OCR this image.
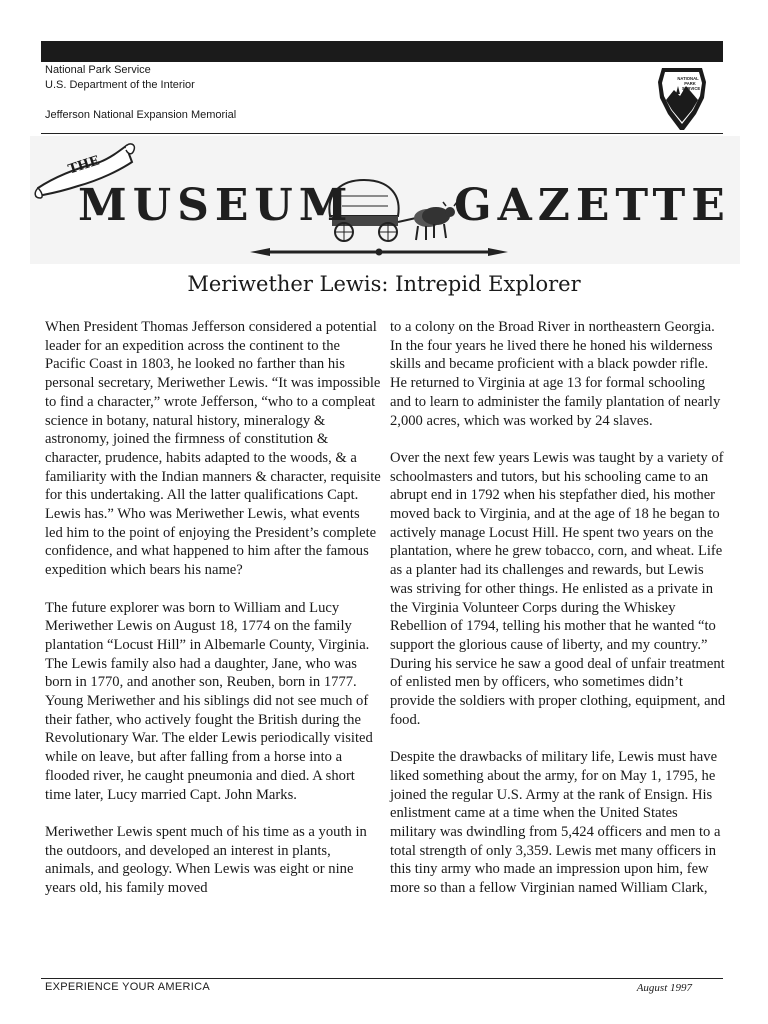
National Park Service
U.S. Department of the Interior
Jefferson National Expansion Memorial
NATIONAL
PARK
SERVICE
THE
MUSEUM GAZETTE
Meriwether Lewis: Intrepid Explorer

When President Thomas Jefferson considered a potential leader for an expedition across the continent to the Pacific Coast in 1803, he looked no farther than his personal secretary, Meriwether Lewis. “It was impossible to find a character,” wrote Jefferson, “who to a compleat science in botany, natural history, mineralogy & astronomy, joined the firmness of constitution & character, prudence, habits adapted to the woods, & a familiarity with the Indian manners & character, requisite for this undertaking. All the latter qualifications Capt. Lewis has.” Who was Meriwether Lewis, what events led him to the point of enjoying the President’s complete confidence, and what happened to him after the famous expedition which bears his name?

The future explorer was born to William and Lucy Meriwether Lewis on August 18, 1774 on the family plantation “Locust Hill” in Albemarle County, Virginia. The Lewis family also had a daughter, Jane, who was born in 1770, and another son, Reuben, born in 1777. Young Meriwether and his siblings did not see much of their father, who actively fought the British during the Revolutionary War. The elder Lewis periodically visited while on leave, but after falling from a horse into a flooded river, he caught pneumonia and died. A short time later, Lucy married Capt. John Marks.

Meriwether Lewis spent much of his time as a youth in the outdoors, and developed an interest in plants, animals, and geology. When Lewis was eight or nine years old, his family moved

to a colony on the Broad River in northeastern Georgia. In the four years he lived there he honed his wilderness skills and became proficient with a black powder rifle. He returned to Virginia at age 13 for formal schooling and to learn to administer the family plantation of nearly 2,000 acres, which was worked by 24 slaves.

Over the next few years Lewis was taught by a variety of schoolmasters and tutors, but his schooling came to an abrupt end in 1792 when his stepfather died, his mother moved back to Virginia, and at the age of 18 he began to actively manage Locust Hill. He spent two years on the plantation, where he grew tobacco, corn, and wheat. Life as a planter had its challenges and rewards, but Lewis was striving for other things. He enlisted as a private in the Virginia Volunteer Corps during the Whiskey Rebellion of 1794, telling his mother that he wanted “to support the glorious cause of liberty, and my country.” During his service he saw a good deal of unfair treatment of enlisted men by officers, who sometimes didn’t provide the soldiers with proper clothing, equipment, and food.

Despite the drawbacks of military life, Lewis must have liked something about the army, for on May 1, 1795, he joined the regular U.S. Army at the rank of Ensign. His enlistment came at a time when the United States military was dwindling from 5,424 officers and men to a total strength of only 3,359. Lewis met many officers in this tiny army who made an impression upon him, few more so than a fellow Virginian named William Clark,

EXPERIENCE YOUR AMERICA	August 1997
